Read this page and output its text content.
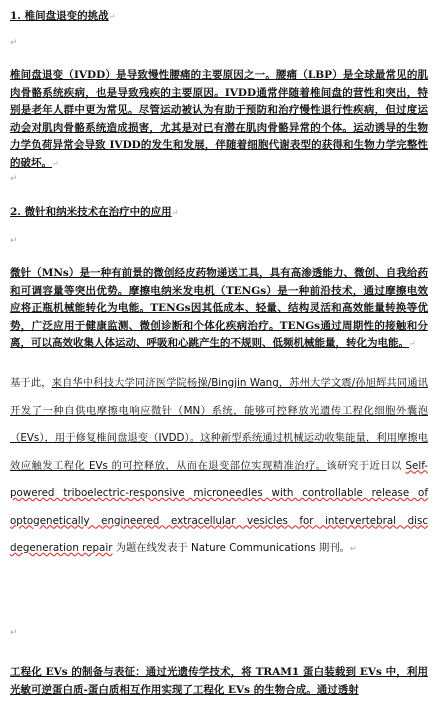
1. 椎间盘退变的挑战↵
↵
椎间盘退变（IVDD）是导致慢性腰痛的主要原因之一。腰痛（LBP）是全球最常见的肌肉骨骼系统疾病，也是导致残疾的主要原因。IVDD通常伴随着椎间盘的营性和突出，特别是老年人群中更为常见。尽管运动被认为有助于预防和治疗慢性退行性疾病，但过度运动会对肌肉骨骼系统造成损害，尤其是对已有潜在肌肉骨骼异常的个体。运动诱导的生物力学负荷异常会导致 IVDD的发生和发展，伴随着细胞代谢表型的获得和生物力学完整性的破坏。↵
↵
2. 微针和纳米技术在治疗中的应用↵
↵
微针（MNs）是一种有前景的微创经皮药物递送工具，具有高渗透能力、微创、自我给药和可调容量等突出优势。摩擦电纳米发电机（TENGs）是一种前沿技术，通过摩擦电效应将正瓶机械能转化为电能。TENGs因其低成本、轻量、结构灵活和高效能量转换等优势，广泛应用于健康监测、微创诊断和个体化疾病治疗。TENGs通过周期性的接触和分离，可以高效收集人体运动、呼吸和心跳产生的不规则、低频机械能量，转化为电能。↵
基于此，来自华中科技大学同济医学院杨操/Bingjin Wang，苏州大学文震/孙旭辉共同通讯开发了一种自供电摩擦电响应微针（MN）系统，能够可控释放光遗传工程化细胞外囊泡（EVs），用于修复椎间盘退变（IVDD）。这种新型系统通过机械运动收集能量，利用摩擦电效应触发工程化 EVs 的可控释放，从而在退变部位实现精准治疗。该研究于近日以 Self-powered triboelectric-responsive microneedles with controllable release of optogenetically engineered extracellular vesicles for intervertebral disc degeneration repair 为题在线发表于 Nature Communications 期刊。↵
↵
工程化 EVs 的制备与表征：通过光遗传学技术，将 TRAM1 蛋白装载到 EVs 中，利用光敏可逆蛋白质-蛋白质相互作用实现了工程化 EVs 的生物合成。通过透射
